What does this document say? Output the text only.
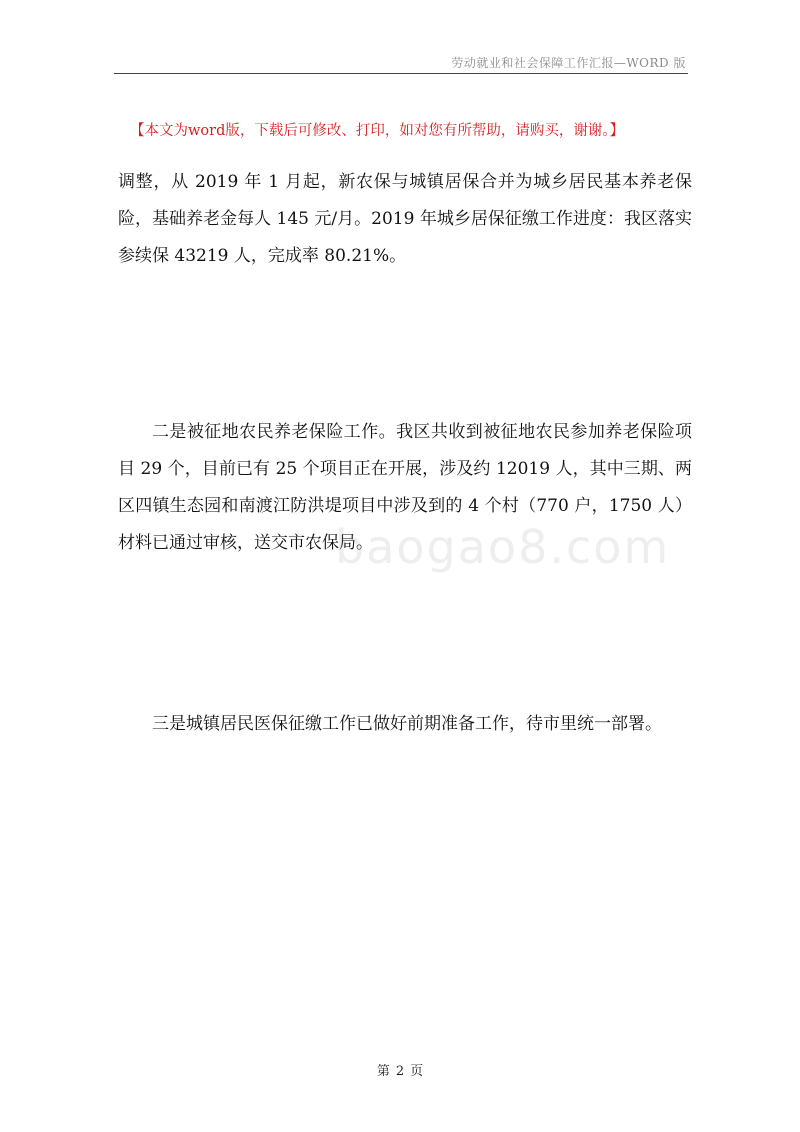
劳动就业和社会保障工作汇报—WORD 版
【本文为word版，下载后可修改、打印，如对您有所帮助，请购买，谢谢。】
调整，从 2019 年 1 月起，新农保与城镇居保合并为城乡居民基本养老保险，基础养老金每人 145 元/月。2019 年城乡居保征缴工作进度：我区落实参续保 43219 人，完成率 80.21%。
二是被征地农民养老保险工作。我区共收到被征地农民参加养老保险项目 29 个，目前已有 25 个项目正在开展，涉及约 12019 人，其中三期、两区四镇生态园和南渡江防洪堤项目中涉及到的 4 个村（770 户，1750 人）材料已通过审核，送交市农保局。
三是城镇居民医保征缴工作已做好前期准备工作，待市里统一部署。
baogao8.com
第 2 页
